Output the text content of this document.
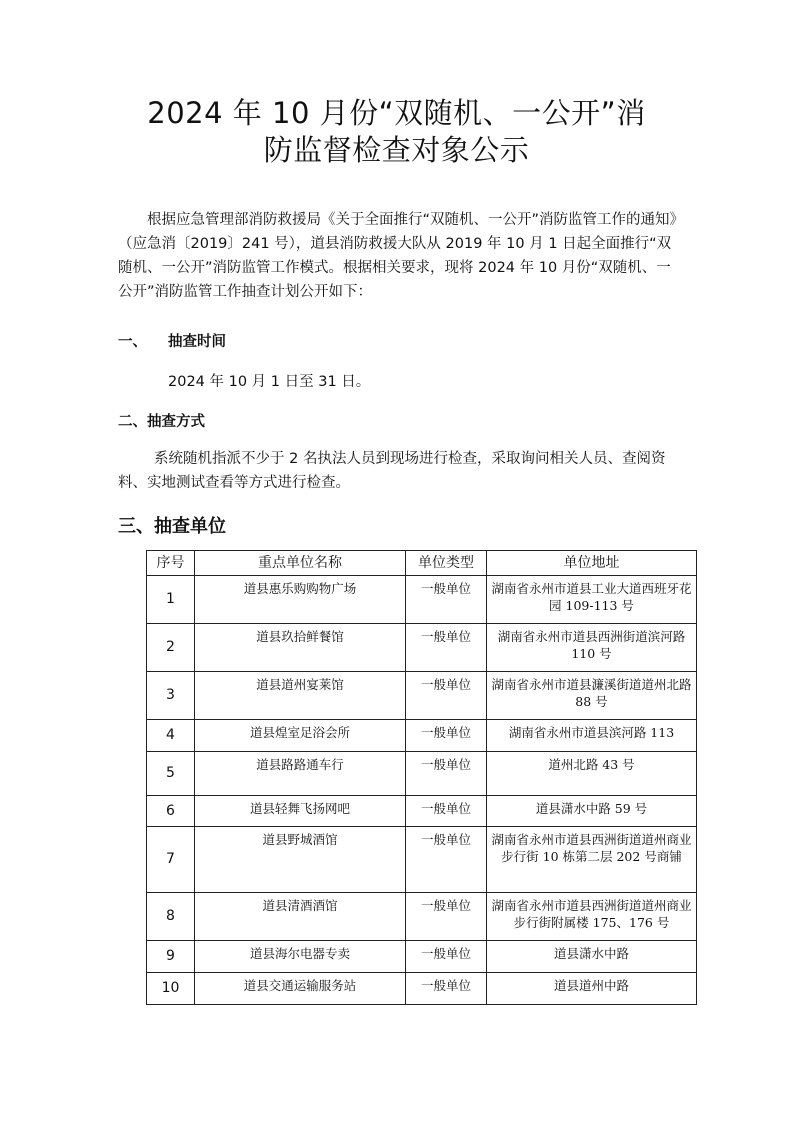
2024 年 10 月份“双随机、一公开”消
防监督检查对象公示
根据应急管理部消防救援局《关于全面推行“双随机、一公开”消防监管工作的通知》（应急消〔2019〕241 号），道县消防救援大队从 2019 年 10 月 1 日起全面推行“双随机、一公开”消防监管工作模式。根据相关要求，现将 2024 年 10 月份“双随机、一公开”消防监管工作抽查计划公开如下：
一、 抽查时间
2024 年 10 月 1 日至 31 日。
二、抽查方式
系统随机指派不少于 2 名执法人员到现场进行检查，采取询问相关人员、查阅资料、实地测试查看等方式进行检查。
三、抽查单位
序号	重点单位名称	单位类型	单位地址
1	道县惠乐购购物广场	一般单位	湖南省永州市道县工业大道西班牙花园 109-113 号
2	道县玖拾鲜餐馆	一般单位	湖南省永州市道县西洲街道滨河路 110 号
3	道县道州宴莱馆	一般单位	湖南省永州市道县濂溪街道道州北路 88 号
4	道县煌室足浴会所	一般单位	湖南省永州市道县滨河路 113
5	道县路路通车行	一般单位	道州北路 43 号
6	道县轻舞飞扬网吧	一般单位	道县潇水中路 59 号
7	道县野城酒馆	一般单位	湖南省永州市道县西洲街道道州商业步行街 10 栋第二层 202 号商铺
8	道县清酒酒馆	一般单位	湖南省永州市道县西洲街道道州商业步行街附属楼 175、176 号
9	道县海尔电器专卖	一般单位	道县潇水中路
10	道县交通运输服务站	一般单位	道县道州中路
